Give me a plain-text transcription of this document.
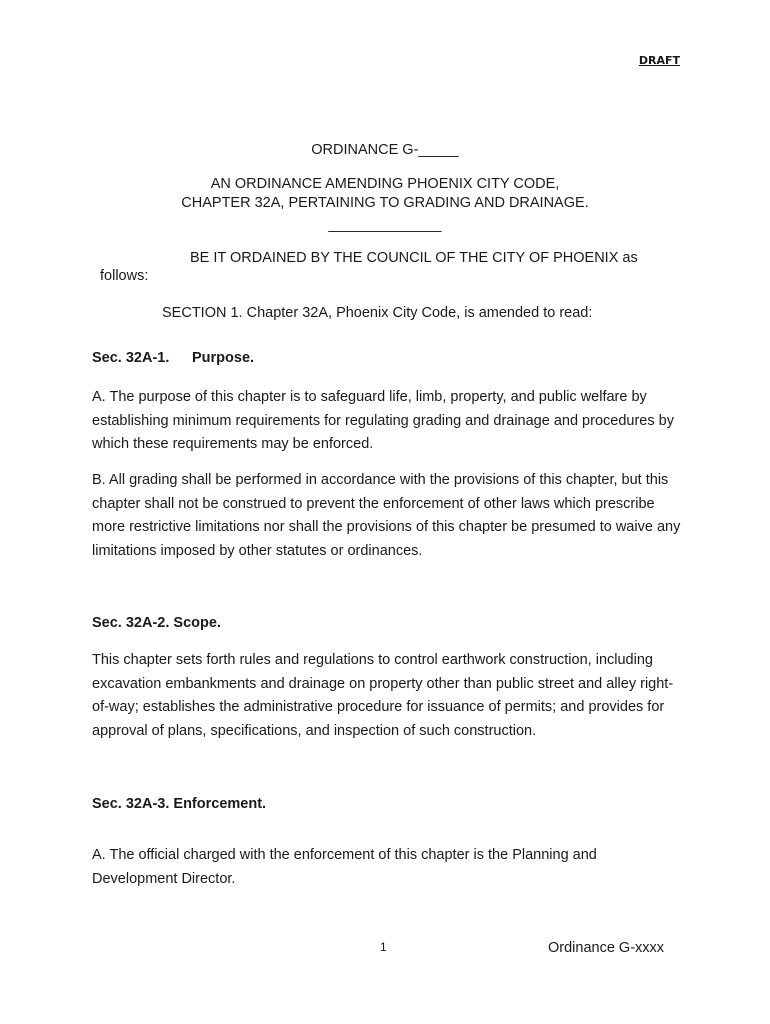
DRAFT
ORDINANCE G-_____
AN ORDINANCE AMENDING PHOENIX CITY CODE,
CHAPTER 32A, PERTAINING TO GRADING AND DRAINAGE.
______________
BE IT ORDAINED BY THE COUNCIL OF THE CITY OF PHOENIX as
follows:
SECTION 1. Chapter 32A, Phoenix City Code, is amended to read:
Sec. 32A-1. Purpose.
A. The purpose of this chapter is to safeguard life, limb, property, and public welfare by establishing minimum requirements for regulating grading and drainage and procedures by which these requirements may be enforced.
B. All grading shall be performed in accordance with the provisions of this chapter, but this chapter shall not be construed to prevent the enforcement of other laws which prescribe more restrictive limitations nor shall the provisions of this chapter be presumed to waive any limitations imposed by other statutes or ordinances.
Sec. 32A-2. Scope.
This chapter sets forth rules and regulations to control earthwork construction, including excavation embankments and drainage on property other than public street and alley right-of-way; establishes the administrative procedure for issuance of permits; and provides for approval of plans, specifications, and inspection of such construction.
Sec. 32A-3. Enforcement.
A. The official charged with the enforcement of this chapter is the Planning and Development Director.
1	Ordinance G-xxxx
